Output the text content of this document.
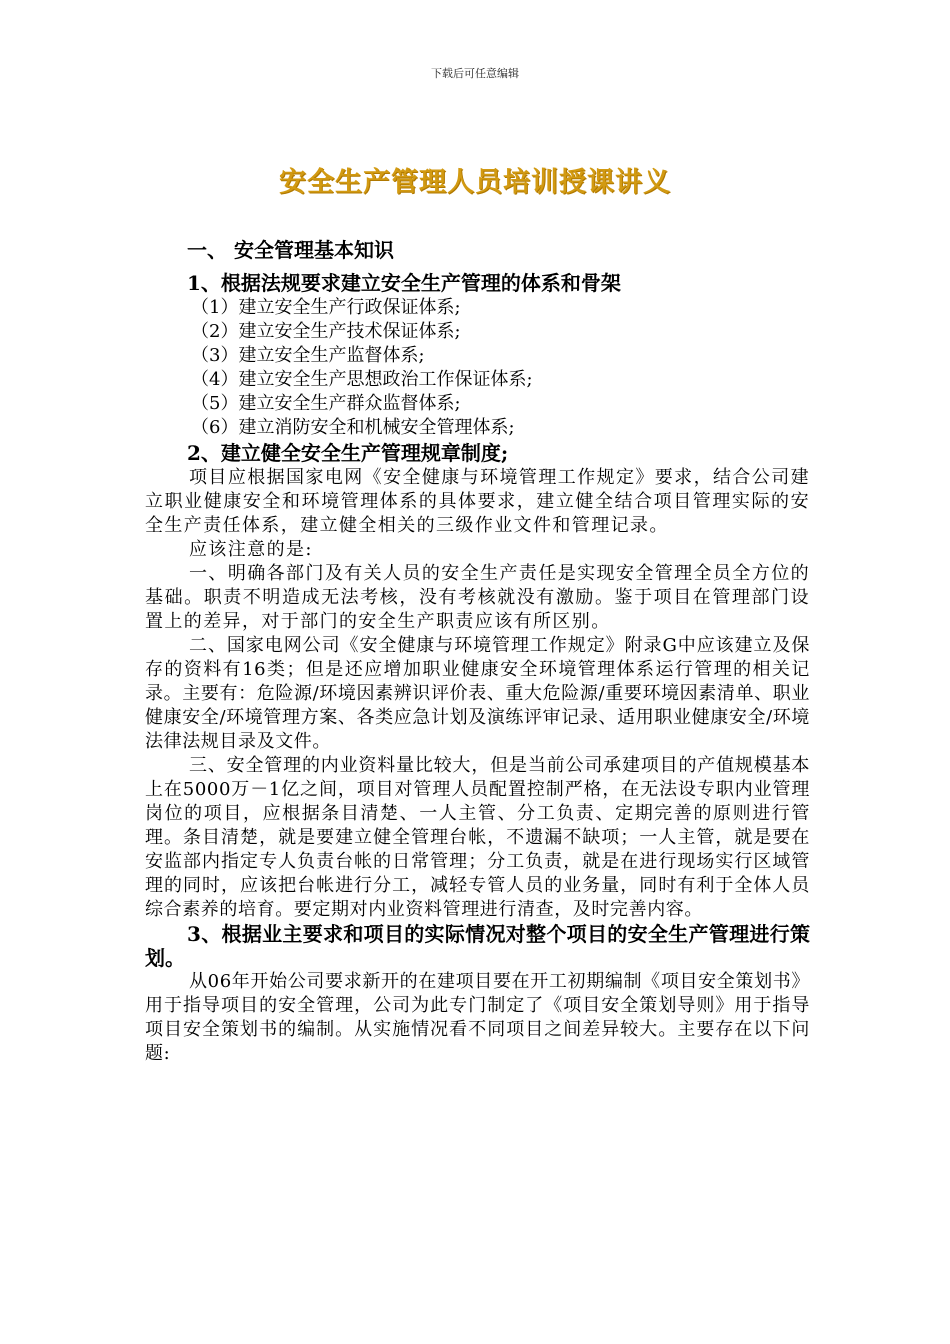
下载后可任意编辑
安全生产管理人员培训授课讲义
一、 安全管理基本知识
1、根据法规要求建立安全生产管理的体系和骨架
（1）建立安全生产行政保证体系;
（2）建立安全生产技术保证体系;
（3）建立安全生产监督体系;
（4）建立安全生产思想政治工作保证体系;
（5）建立安全生产群众监督体系;
（6）建立消防安全和机械安全管理体系;
2、建立健全安全生产管理规章制度;

项目应根据国家电网《安全健康与环境管理工作规定》要求，结合公司建立职业健康安全和环境管理体系的具体要求，建立健全结合项目管理实际的安全生产责任体系，建立健全相关的三级作业文件和管理记录。

应该注意的是:

一、明确各部门及有关人员的安全生产责任是实现安全管理全员全方位的基础。职责不明造成无法考核，没有考核就没有激励。鉴于项目在管理部门设置上的差异，对于部门的安全生产职责应该有所区别。

二、国家电网公司《安全健康与环境管理工作规定》附录G中应该建立及保存的资料有16类；但是还应增加职业健康安全环境管理体系运行管理的相关记录。主要有：危险源/环境因素辨识评价表、重大危险源/重要环境因素清单、职业健康安全/环境管理方案、各类应急计划及演练评审记录、适用职业健康安全/环境法律法规目录及文件。

三、安全管理的内业资料量比较大，但是当前公司承建项目的产值规模基本上在5000万－1亿之间，项目对管理人员配置控制严格，在无法设专职内业管理岗位的项目，应根据条目清楚、一人主管、分工负责、定期完善的原则进行管理。条目清楚，就是要建立健全管理台帐，不遗漏不缺项；一人主管，就是要在安监部内指定专人负责台帐的日常管理；分工负责，就是在进行现场实行区域管理的同时，应该把台帐进行分工，减轻专管人员的业务量，同时有利于全体人员综合素养的培育。要定期对内业资料管理进行清查，及时完善内容。

3、根据业主要求和项目的实际情况对整个项目的安全生产管理进行策划。

从06年开始公司要求新开的在建项目要在开工初期编制《项目安全策划书》用于指导项目的安全管理，公司为此专门制定了《项目安全策划导则》用于指导项目安全策划书的编制。从实施情况看不同项目之间差异较大。主要存在以下问题:
